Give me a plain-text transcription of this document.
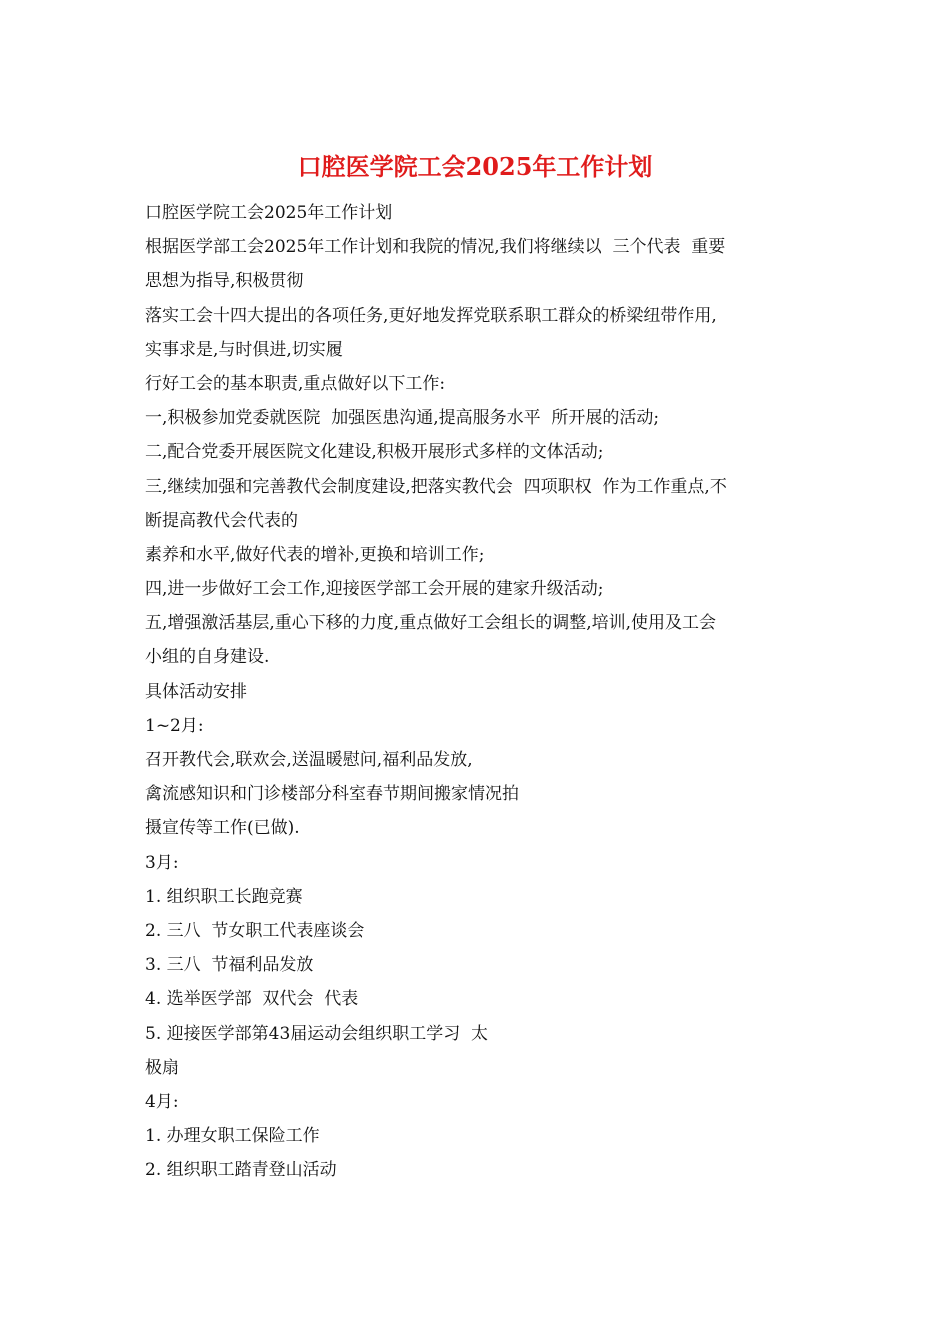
口腔医学院工会2025年工作计划

口腔医学院工会2025年工作计划

根据医学部工会2025年工作计划和我院的情况,我们将继续以  三个代表  重要

思想为指导,积极贯彻

落实工会十四大提出的各项任务,更好地发挥党联系职工群众的桥梁纽带作用,

实事求是,与时俱进,切实履

行好工会的基本职责,重点做好以下工作:

一,积极参加党委就医院  加强医患沟通,提高服务水平  所开展的活动;

二,配合党委开展医院文化建设,积极开展形式多样的文体活动;

三,继续加强和完善教代会制度建设,把落实教代会  四项职权  作为工作重点,不

断提高教代会代表的

素养和水平,做好代表的增补,更换和培训工作;

四,进一步做好工会工作,迎接医学部工会开展的建家升级活动;

五,增强激活基层,重心下移的力度,重点做好工会组长的调整,培训,使用及工会

小组的自身建设.

具体活动安排

1~2月:

召开教代会,联欢会,送温暖慰问,福利品发放,

禽流感知识和门诊楼部分科室春节期间搬家情况拍

摄宣传等工作(已做).

3月:

1. 组织职工长跑竞赛

2. 三八  节女职工代表座谈会

3. 三八  节福利品发放

4. 选举医学部  双代会  代表

5. 迎接医学部第43届运动会组织职工学习  太

极扇

4月:

1. 办理女职工保险工作

2. 组织职工踏青登山活动
